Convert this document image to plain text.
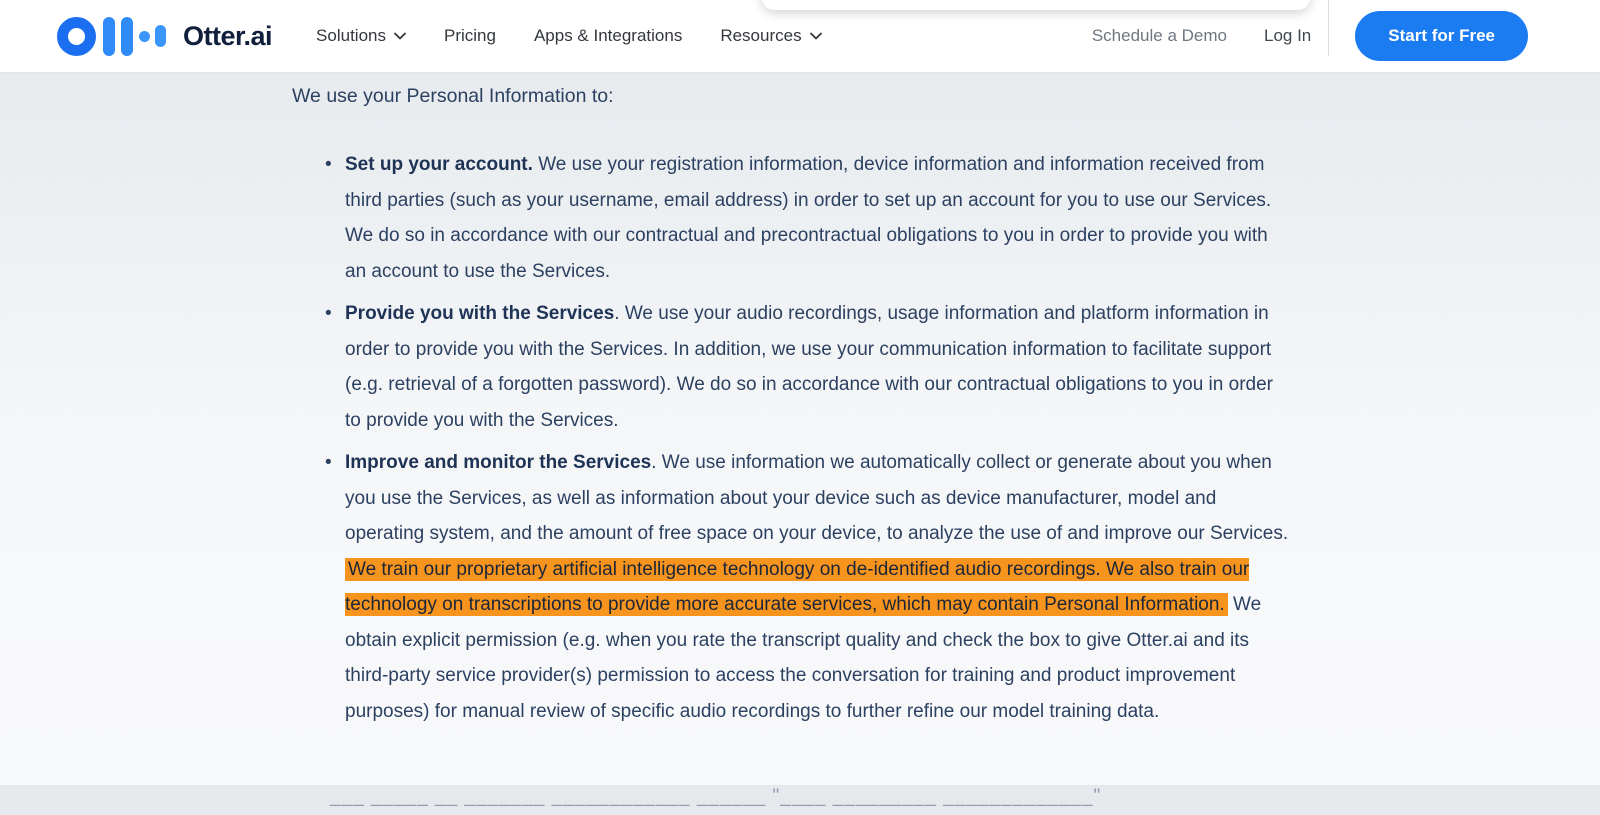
Otter.ai	Solutions	Pricing Apps & Integrations Resources	Schedule a Demo Log In	Start for Free

We use your Personal Information to:

• Set up your account. We use your registration information, device information and information received from third parties (such as your username, email address) in order to set up an account for you to use our Services. We do so in accordance with our contractual and precontractual obligations to you in order to provide you with an account to use the Services.
• Provide you with the Services. We use your audio recordings, usage information and platform information in order to provide you with the Services. In addition, we use your communication information to facilitate support (e.g. retrieval of a forgotten password). We do so in accordance with our contractual obligations to you in order to provide you with the Services.
• Improve and monitor the Services. We use information we automatically collect or generate about you when you use the Services, as well as information about your device such as device manufacturer, model and operating system, and the amount of free space on your device, to analyze the use of and improve our Services. We train our proprietary artificial intelligence technology on de-identified audio recordings. We also train our technology on transcriptions to provide more accurate services, which may contain Personal Information. We obtain explicit permission (e.g. when you rate the transcript quality and check the box to give Otter.ai and its third-party service provider(s) permission to access the conversation for training and product improvement purposes) for manual review of specific audio recordings to further refine our model training data.
___ _____ __ _______ ____________ ______ "____ _________ _____________"
